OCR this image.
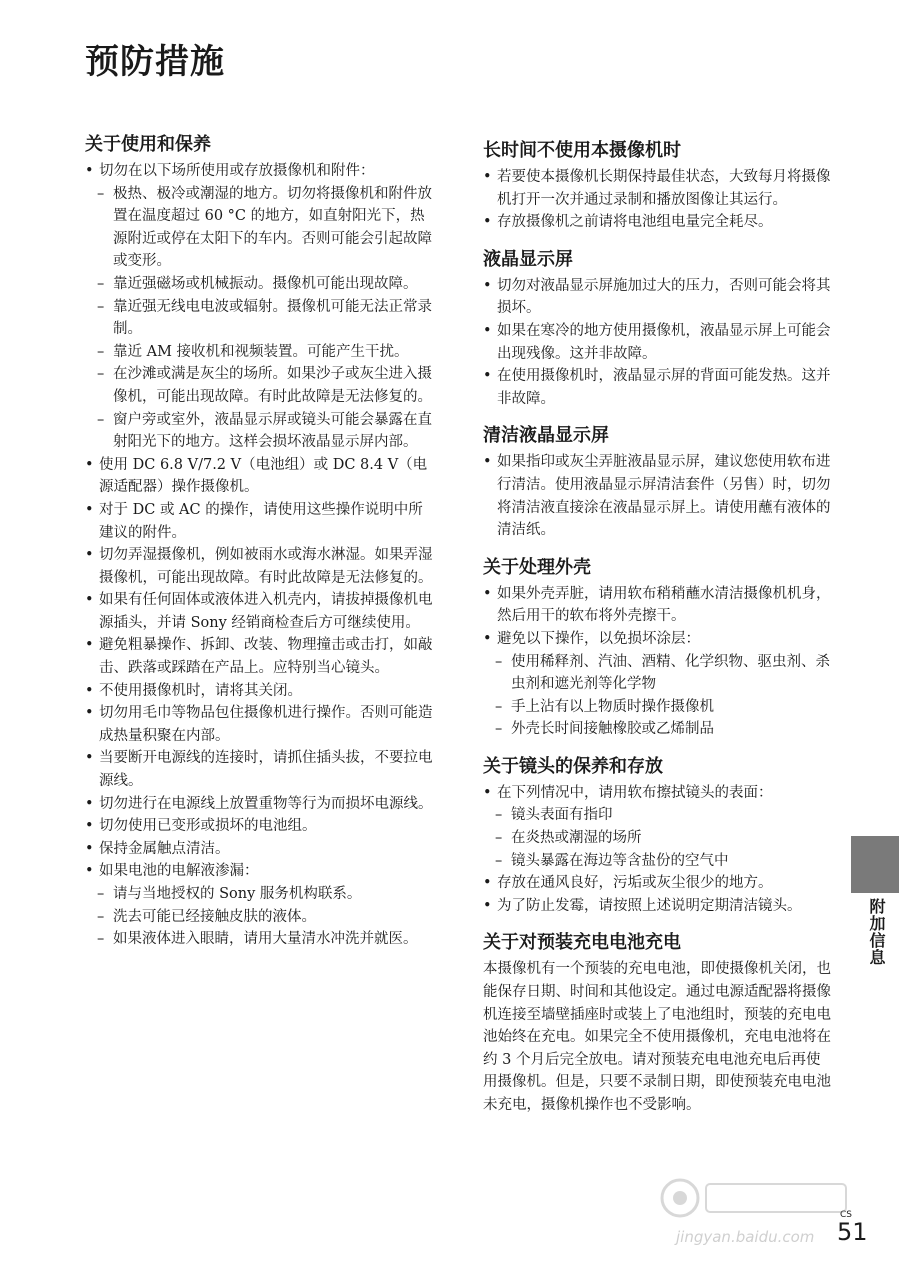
预防措施
关于使用和保养
• 切勿在以下场所使用或存放摄像机和附件：
– 极热、极冷或潮湿的地方。切勿将摄像机和附件放置在温度超过 60 °C 的地方，如直射阳光下，热源附近或停在太阳下的车内。否则可能会引起故障或变形。
– 靠近强磁场或机械振动。摄像机可能出现故障。
– 靠近强无线电电波或辐射。摄像机可能无法正常录制。
– 靠近 AM 接收机和视频装置。可能产生干扰。
– 在沙滩或满是灰尘的场所。如果沙子或灰尘进入摄像机，可能出现故障。有时此故障是无法修复的。
– 窗户旁或室外，液晶显示屏或镜头可能会暴露在直射阳光下的地方。这样会损坏液晶显示屏内部。
• 使用 DC 6.8 V/7.2 V（电池组）或 DC 8.4 V（电源适配器）操作摄像机。
• 对于 DC 或 AC 的操作，请使用这些操作说明中所建议的附件。
• 切勿弄湿摄像机，例如被雨水或海水淋湿。如果弄湿摄像机，可能出现故障。有时此故障是无法修复的。
• 如果有任何固体或液体进入机壳内，请拔掉摄像机电源插头，并请 Sony 经销商检查后方可继续使用。
• 避免粗暴操作、拆卸、改装、物理撞击或击打，如敲击、跌落或踩踏在产品上。应特别当心镜头。
• 不使用摄像机时，请将其关闭。
• 切勿用毛巾等物品包住摄像机进行操作。否则可能造成热量积聚在内部。
• 当要断开电源线的连接时，请抓住插头拔，不要拉电源线。
• 切勿进行在电源线上放置重物等行为而损坏电源线。
• 切勿使用已变形或损坏的电池组。
• 保持金属触点清洁。
• 如果电池的电解液渗漏：
– 请与当地授权的 Sony 服务机构联系。
– 洗去可能已经接触皮肤的液体。
– 如果液体进入眼睛，请用大量清水冲洗并就医。
长时间不使用本摄像机时
• 若要使本摄像机长期保持最佳状态，大致每月将摄像机打开一次并通过录制和播放图像让其运行。
• 存放摄像机之前请将电池组电量完全耗尽。
液晶显示屏
• 切勿对液晶显示屏施加过大的压力，否则可能会将其损坏。
• 如果在寒冷的地方使用摄像机，液晶显示屏上可能会出现残像。这并非故障。
• 在使用摄像机时，液晶显示屏的背面可能发热。这并非故障。
清洁液晶显示屏
• 如果指印或灰尘弄脏液晶显示屏，建议您使用软布进行清洁。使用液晶显示屏清洁套件（另售）时，切勿将清洁液直接涂在液晶显示屏上。请使用蘸有液体的清洁纸。
关于处理外壳
• 如果外壳弄脏，请用软布稍稍蘸水清洁摄像机机身，然后用干的软布将外壳擦干。
• 避免以下操作，以免损坏涂层：
– 使用稀释剂、汽油、酒精、化学织物、驱虫剂、杀虫剂和遮光剂等化学物
– 手上沾有以上物质时操作摄像机
– 外壳长时间接触橡胶或乙烯制品
关于镜头的保养和存放
• 在下列情况中，请用软布擦拭镜头的表面：
– 镜头表面有指印
– 在炎热或潮湿的场所
– 镜头暴露在海边等含盐份的空气中
• 存放在通风良好，污垢或灰尘很少的地方。
• 为了防止发霉，请按照上述说明定期清洁镜头。
关于对预装充电电池充电

本摄像机有一个预装的充电电池，即使摄像机关闭，也能保存日期、时间和其他设定。通过电源适配器将摄像机连接至墙壁插座时或装上了电池组时，预装的充电电池始终在充电。如果完全不使用摄像机，充电电池将在约 3 个月后完全放电。请对预装充电电池充电后再使用摄像机。但是，只要不录制日期，即使预装充电电池未充电，摄像机操作也不受影响。

附加信息
CS
51
jingyan.baidu.com
